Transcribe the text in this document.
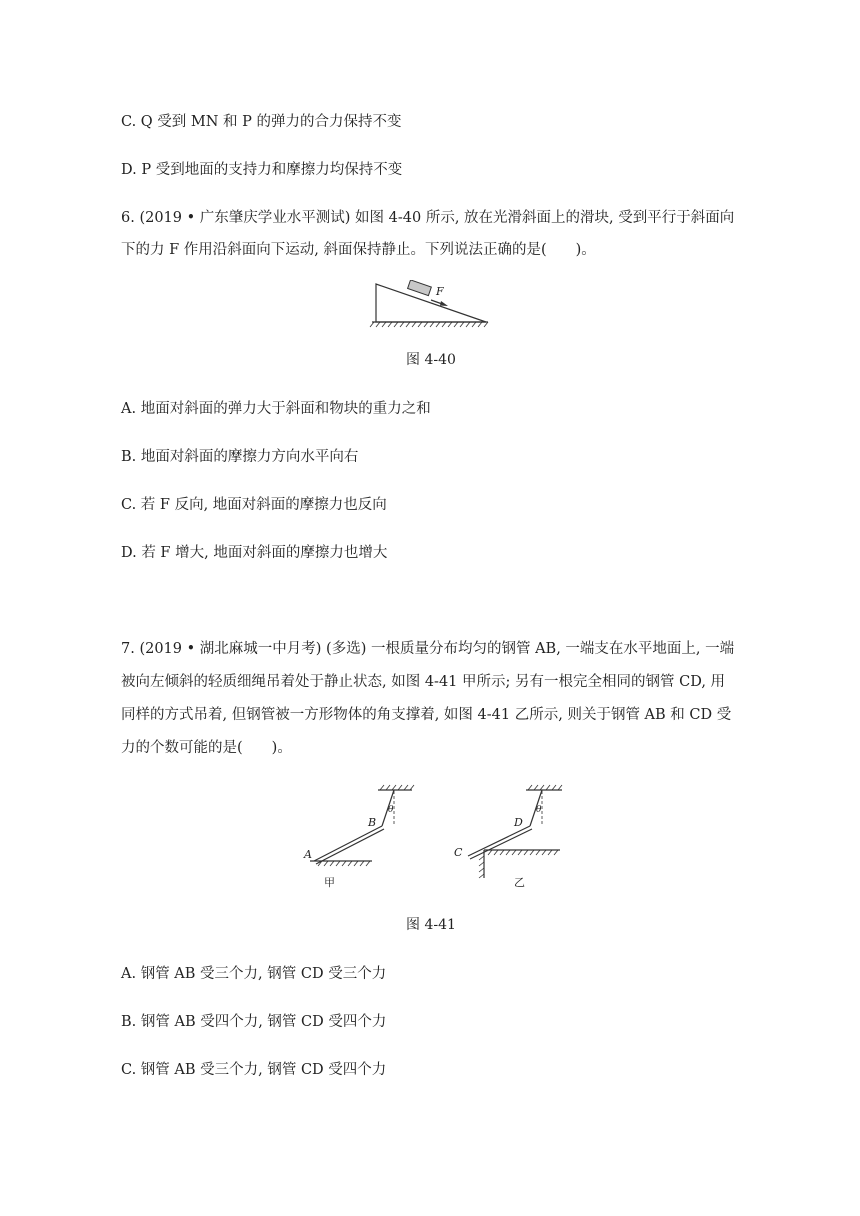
C. Q 受到 MN 和 P 的弹力的合力保持不变
D. P 受到地面的支持力和摩擦力均保持不变
6. (2019 • 广东肇庆学业水平测试) 如图 4-40 所示, 放在光滑斜面上的滑块, 受到平行于斜面向
下的力 F 作用沿斜面向下运动, 斜面保持静止。下列说法正确的是(　　)。
F
图 4-40
A. 地面对斜面的弹力大于斜面和物块的重力之和
B. 地面对斜面的摩擦力方向水平向右
C. 若 F 反向, 地面对斜面的摩擦力也反向
D. 若 F 增大, 地面对斜面的摩擦力也增大
7. (2019 • 湖北麻城一中月考) (多选) 一根质量分布均匀的钢管 AB, 一端支在水平地面上, 一端
被向左倾斜的轻质细绳吊着处于静止状态, 如图 4-41 甲所示; 另有一根完全相同的钢管 CD, 用
同样的方式吊着, 但钢管被一方形物体的角支撑着, 如图 4-41 乙所示, 则关于钢管 AB 和 CD 受
力的个数可能的是(　　)。
A
B
θ
甲
C
D
θ
乙
图 4-41
A. 钢管 AB 受三个力, 钢管 CD 受三个力
B. 钢管 AB 受四个力, 钢管 CD 受四个力
C. 钢管 AB 受三个力, 钢管 CD 受四个力
